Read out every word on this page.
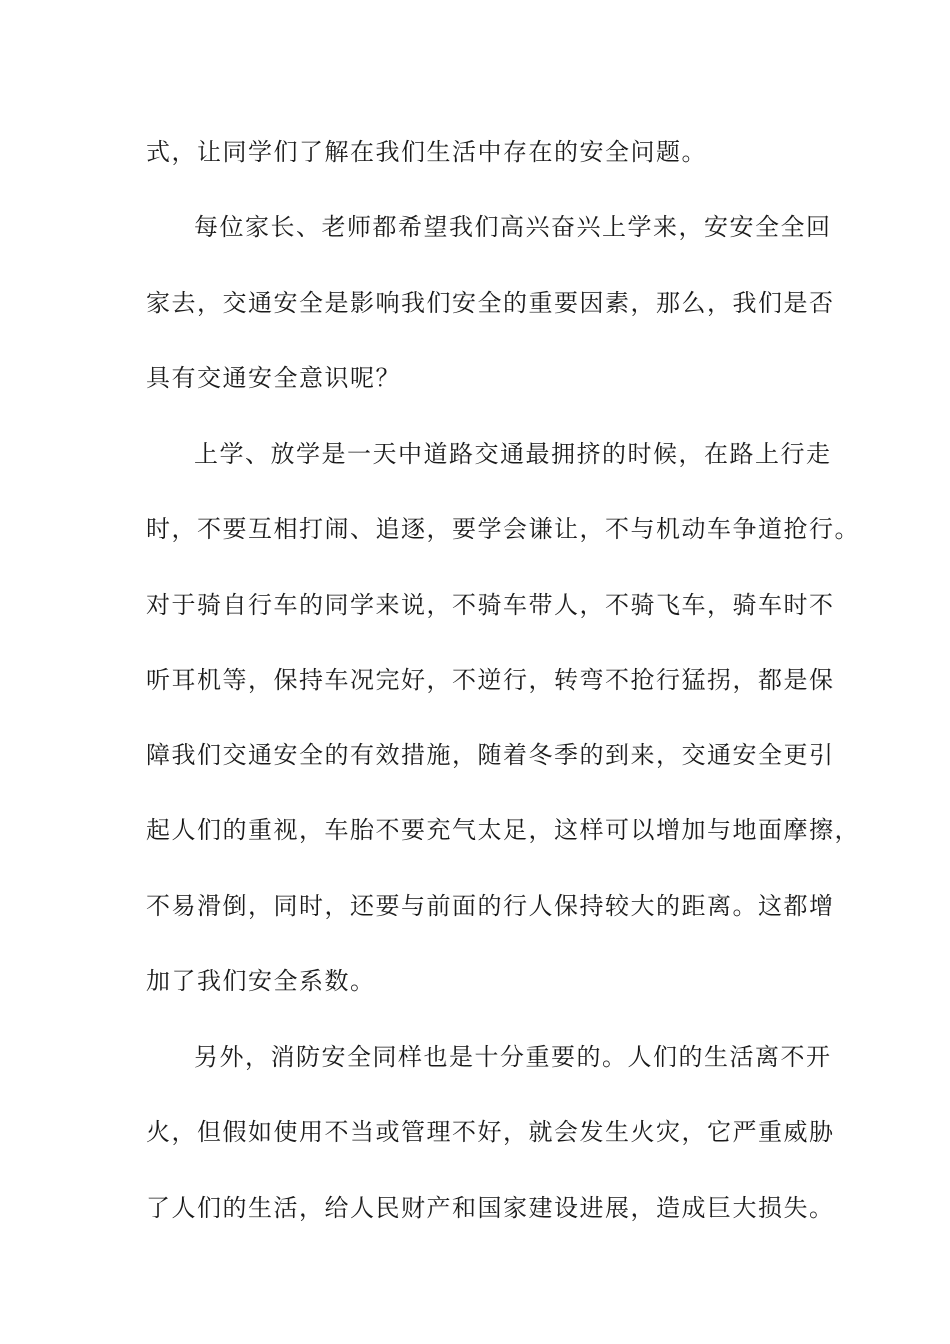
式，让同学们了解在我们生活中存在的安全问题。
每位家长、老师都希望我们高兴奋兴上学来，安安全全回
家去，交通安全是影响我们安全的重要因素，那么，我们是否
具有交通安全意识呢？
上学、放学是一天中道路交通最拥挤的时候，在路上行走
时，不要互相打闹、追逐，要学会谦让，不与机动车争道抢行。
对于骑自行车的同学来说，不骑车带人，不骑飞车，骑车时不
听耳机等，保持车况完好，不逆行，转弯不抢行猛拐，都是保
障我们交通安全的有效措施，随着冬季的到来，交通安全更引
起人们的重视，车胎不要充气太足，这样可以增加与地面摩擦，
不易滑倒，同时，还要与前面的行人保持较大的距离。这都增
加了我们安全系数。
另外，消防安全同样也是十分重要的。人们的生活离不开
火，但假如使用不当或管理不好，就会发生火灾，它严重威胁
了人们的生活，给人民财产和国家建设进展，造成巨大损失。
